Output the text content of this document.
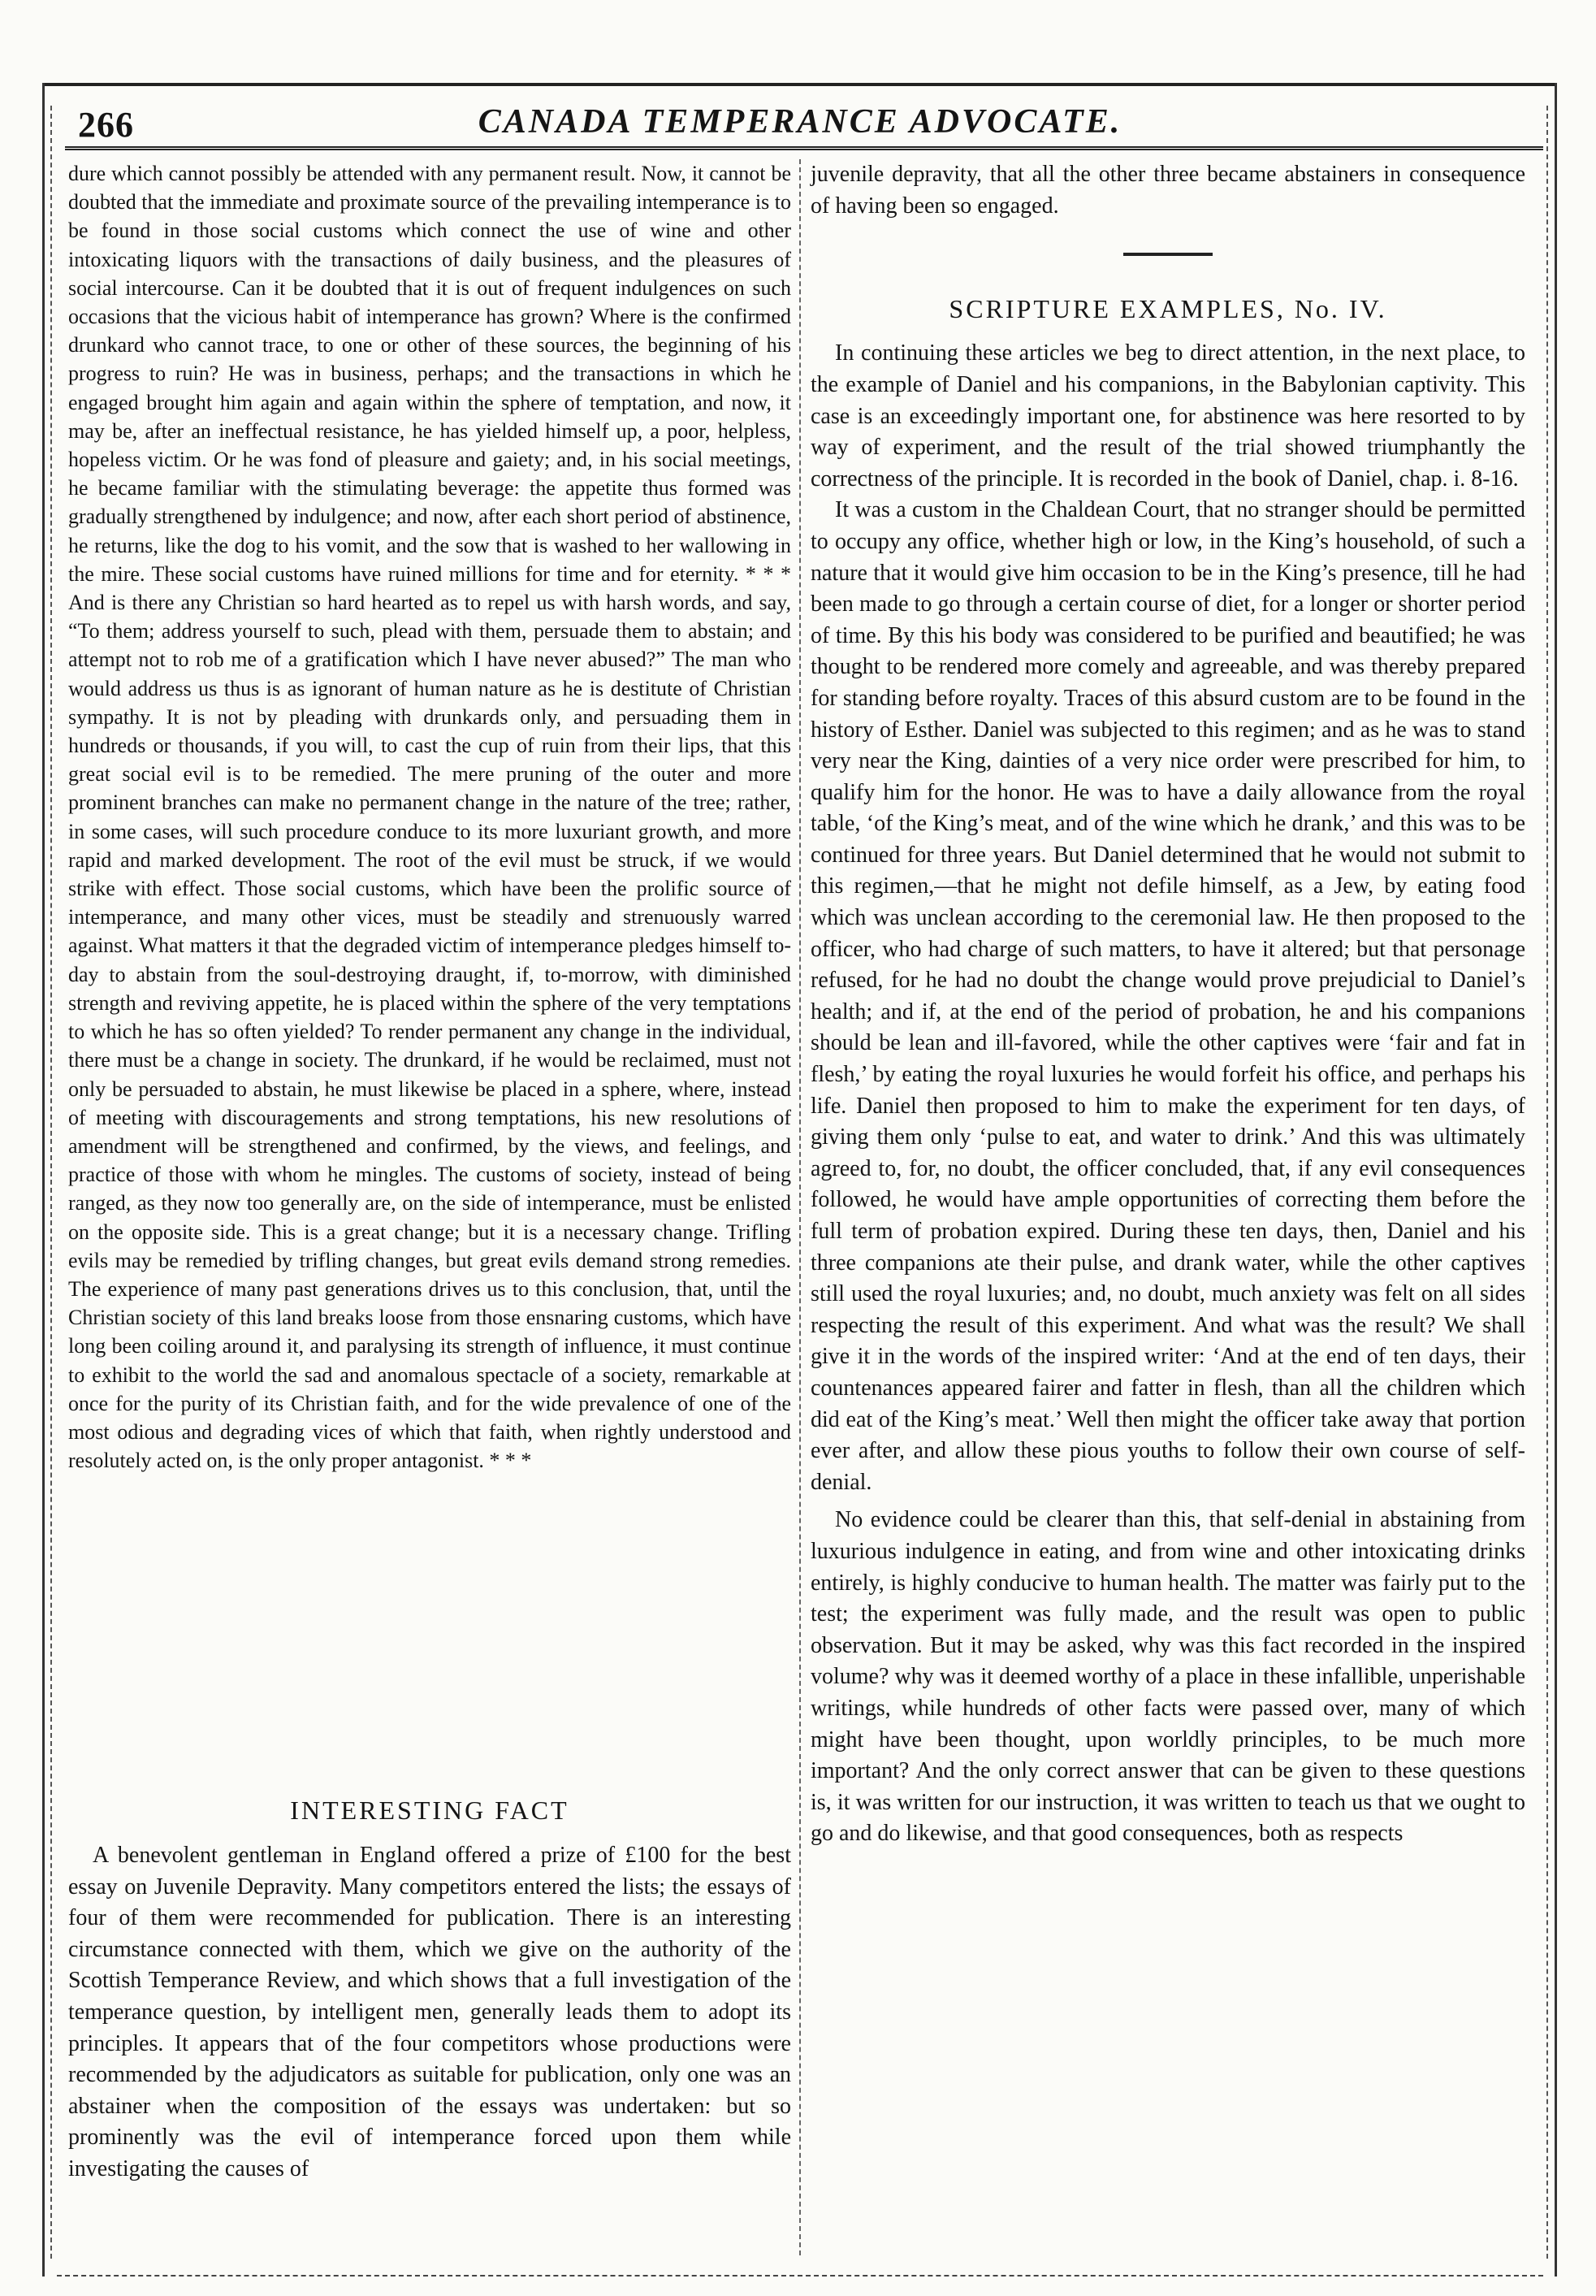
266	CANADA TEMPERANCE ADVOCATE.

dure which cannot possibly be attended with any permanent result. Now, it cannot be doubted that the immediate and proximate source of the prevailing intemperance is to be found in those social customs which connect the use of wine and other intoxicating liquors with the transactions of daily business, and the pleasures of social intercourse. Can it be doubted that it is out of frequent indulgences on such occasions that the vicious habit of intemperance has grown? Where is the confirmed drunkard who cannot trace, to one or other of these sources, the beginning of his progress to ruin? He was in business, perhaps; and the transactions in which he engaged brought him again and again within the sphere of temptation, and now, it may be, after an ineffectual resistance, he has yielded himself up, a poor, helpless, hopeless victim. Or he was fond of pleasure and gaiety; and, in his social meetings, he became familiar with the stimulating beverage: the appetite thus formed was gradually strengthened by indulgence; and now, after each short period of abstinence, he returns, like the dog to his vomit, and the sow that is washed to her wallowing in the mire. These social customs have ruined millions for time and for eternity. * * * And is there any Christian so hard hearted as to repel us with harsh words, and say, “To them; address yourself to such, plead with them, persuade them to abstain; and attempt not to rob me of a gratification which I have never abused?” The man who would address us thus is as ignorant of human nature as he is destitute of Christian sympathy. It is not by pleading with drunkards only, and persuading them in hundreds or thousands, if you will, to cast the cup of ruin from their lips, that this great social evil is to be remedied. The mere pruning of the outer and more prominent branches can make no permanent change in the nature of the tree; rather, in some cases, will such procedure conduce to its more luxuriant growth, and more rapid and marked development. The root of the evil must be struck, if we would strike with effect. Those social customs, which have been the prolific source of intemperance, and many other vices, must be steadily and strenuously warred against. What matters it that the degraded victim of intemperance pledges himself to-day to abstain from the soul-destroying draught, if, to-morrow, with diminished strength and reviving appetite, he is placed within the sphere of the very temptations to which he has so often yielded? To render permanent any change in the individual, there must be a change in society. The drunkard, if he would be reclaimed, must not only be persuaded to abstain, he must likewise be placed in a sphere, where, instead of meeting with discouragements and strong temptations, his new resolutions of amendment will be strengthened and confirmed, by the views, and feelings, and practice of those with whom he mingles. The customs of society, instead of being ranged, as they now too generally are, on the side of intemperance, must be enlisted on the opposite side. This is a great change; but it is a necessary change. Trifling evils may be remedied by trifling changes, but great evils demand strong remedies. The experience of many past generations drives us to this conclusion, that, until the Christian society of this land breaks loose from those ensnaring customs, which have long been coiling around it, and paralysing its strength of influence, it must continue to exhibit to the world the sad and anomalous spectacle of a society, remarkable at once for the purity of its Christian faith, and for the wide prevalence of one of the most odious and degrading vices of which that faith, when rightly understood and resolutely acted on, is the only proper antagonist. * * *

INTERESTING FACT

A benevolent gentleman in England offered a prize of £100 for the best essay on Juvenile Depravity. Many competitors entered the lists; the essays of four of them were recommended for publication. There is an interesting circumstance connected with them, which we give on the authority of the Scottish Temperance Review, and which shows that a full investigation of the temperance question, by intelligent men, generally leads them to adopt its principles. It appears that of the four competitors whose productions were recommended by the adjudicators as suitable for publication, only one was an abstainer when the composition of the essays was undertaken: but so prominently was the evil of intemperance forced upon them while investigating the causes of

juvenile depravity, that all the other three became abstainers in consequence of having been so engaged.

SCRIPTURE EXAMPLES, No. IV.

In continuing these articles we beg to direct attention, in the next place, to the example of Daniel and his companions, in the Babylonian captivity. This case is an exceedingly important one, for abstinence was here resorted to by way of experiment, and the result of the trial showed triumphantly the correctness of the principle. It is recorded in the book of Daniel, chap. i. 8-16.

It was a custom in the Chaldean Court, that no stranger should be permitted to occupy any office, whether high or low, in the King’s household, of such a nature that it would give him occasion to be in the King’s presence, till he had been made to go through a certain course of diet, for a longer or shorter period of time. By this his body was considered to be purified and beautified; he was thought to be rendered more comely and agreeable, and was thereby prepared for standing before royalty. Traces of this absurd custom are to be found in the history of Esther. Daniel was subjected to this regimen; and as he was to stand very near the King, dainties of a very nice order were prescribed for him, to qualify him for the honor. He was to have a daily allowance from the royal table, ‘of the King’s meat, and of the wine which he drank,’ and this was to be continued for three years. But Daniel determined that he would not submit to this regimen,—that he might not defile himself, as a Jew, by eating food which was unclean according to the ceremonial law. He then proposed to the officer, who had charge of such matters, to have it altered; but that personage refused, for he had no doubt the change would prove prejudicial to Daniel’s health; and if, at the end of the period of probation, he and his companions should be lean and ill-favored, while the other captives were ‘fair and fat in flesh,’ by eating the royal luxuries he would forfeit his office, and perhaps his life. Daniel then proposed to him to make the experiment for ten days, of giving them only ‘pulse to eat, and water to drink.’ And this was ultimately agreed to, for, no doubt, the officer concluded, that, if any evil consequences followed, he would have ample opportunities of correcting them before the full term of probation expired. During these ten days, then, Daniel and his three companions ate their pulse, and drank water, while the other captives still used the royal luxuries; and, no doubt, much anxiety was felt on all sides respecting the result of this experiment. And what was the result? We shall give it in the words of the inspired writer: ‘And at the end of ten days, their countenances appeared fairer and fatter in flesh, than all the children which did eat of the King’s meat.’ Well then might the officer take away that portion ever after, and allow these pious youths to follow their own course of self-denial.

No evidence could be clearer than this, that self-denial in abstaining from luxurious indulgence in eating, and from wine and other intoxicating drinks entirely, is highly conducive to human health. The matter was fairly put to the test; the experiment was fully made, and the result was open to public observation. But it may be asked, why was this fact recorded in the inspired volume? why was it deemed worthy of a place in these infallible, unperishable writings, while hundreds of other facts were passed over, many of which might have been thought, upon worldly principles, to be much more important? And the only correct answer that can be given to these questions is, it was written for our instruction, it was written to teach us that we ought to go and do likewise, and that good consequences, both as respects
